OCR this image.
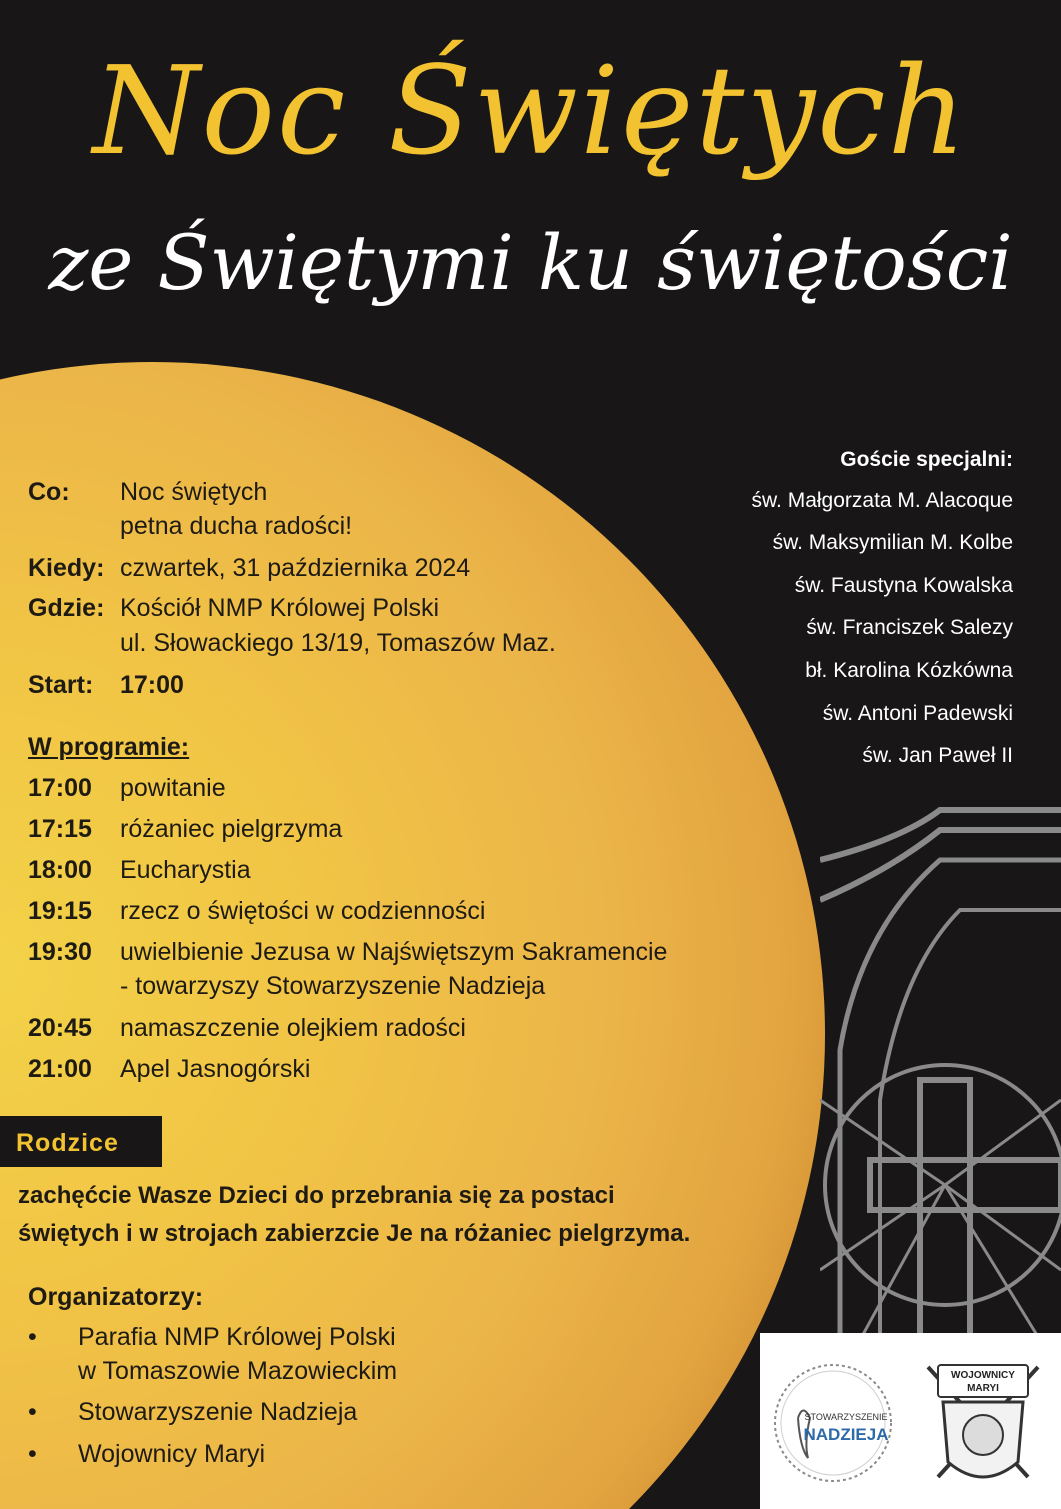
Noc Świętych
ze Świętymi ku świętości
Co: Noc świętych
petna ducha radości!
Kiedy: czwartek, 31 października 2024
Gdzie: Kościół NMP Królowej Polski
ul. Słowackiego 13/19, Tomaszów Maz.
Start: 17:00
W programie:
17:00 powitanie
17:15 różaniec pielgrzyma
18:00 Eucharystia
19:15 rzecz o świętości w codzienności
19:30 uwielbienie Jezusa w Najświętszym Sakramencie
- towarzyszy Stowarzyszenie Nadzieja
20:45 namaszczenie olejkiem radości
21:00 Apel Jasnogórski
Rodzice
zachęćcie Wasze Dzieci do przebrania się za postaci
świętych i w strojach zabierzcie Je na różaniec pielgrzyma.
Organizatorzy:
• Parafia NMP Królowej Polski
w Tomaszowie Mazowieckim
• Stowarzyszenie Nadzieja
• Wojownicy Maryi
Goście specjalni:
św. Małgorzata M. Alacoque
św. Maksymilian M. Kolbe
św. Faustyna Kowalska
św. Franciszek Salezy
bł. Karolina Kózkówna
św. Antoni Padewski
św. Jan Paweł II
STOWARZYSZENIE
NADZIEJA
WOJOWNICY
MARYI
